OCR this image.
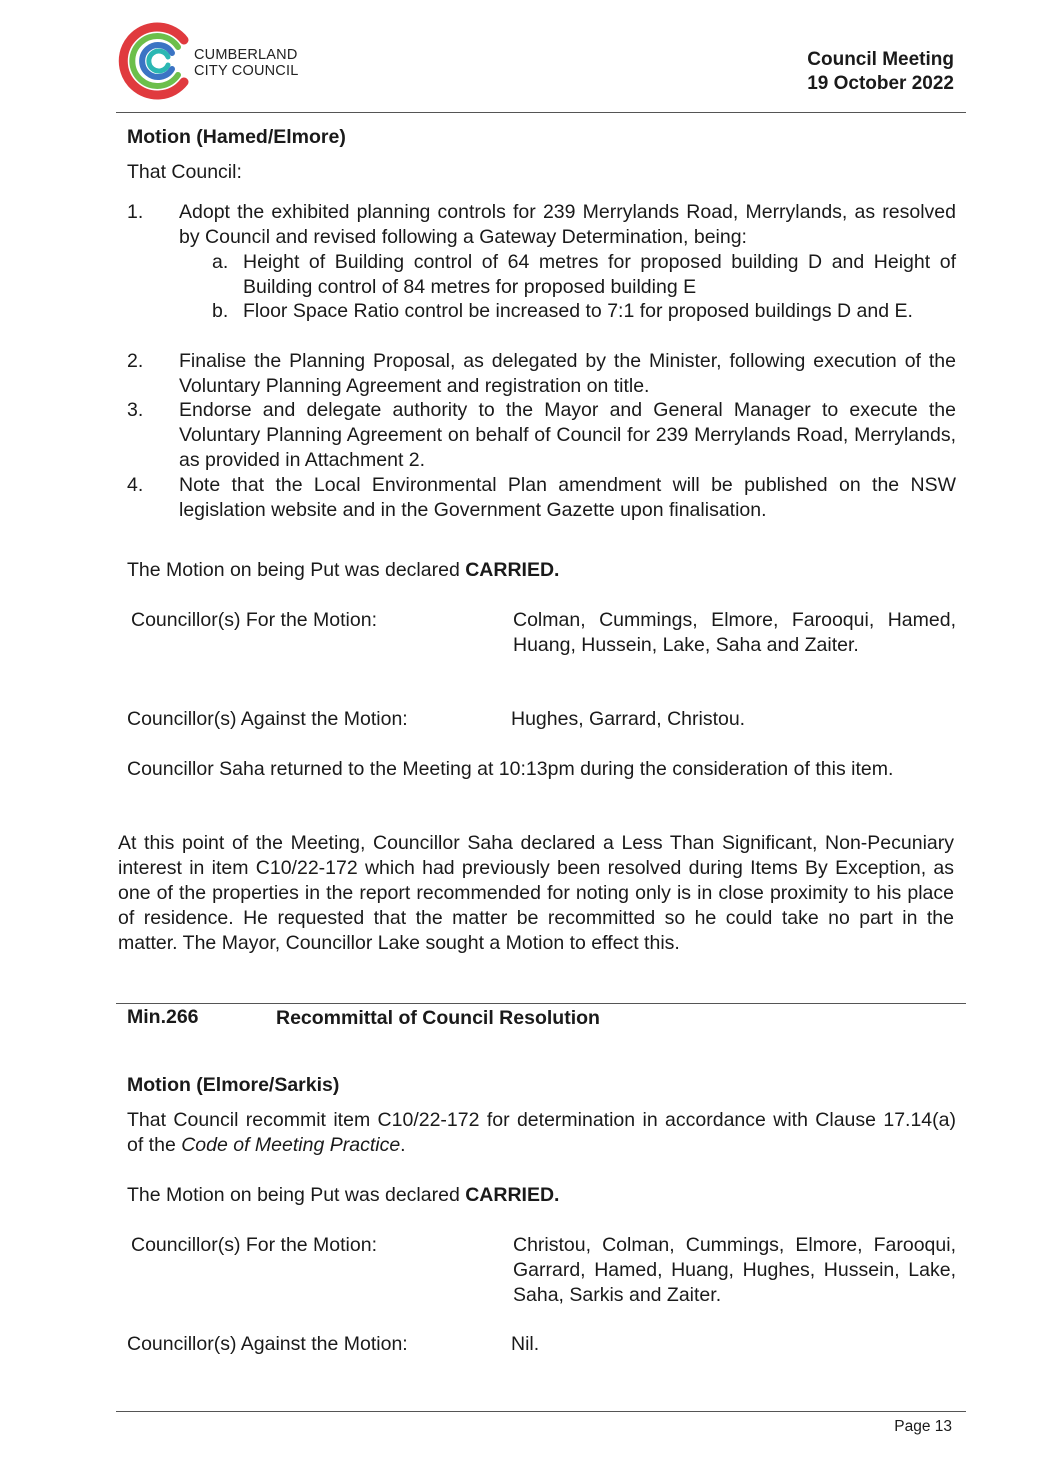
CUMBERLAND
CITY COUNCIL
Council Meeting
19 October 2022
Motion (Hamed/Elmore)
That Council:
1. Adopt the exhibited planning controls for 239 Merrylands Road, Merrylands, as resolved by Council and revised following a Gateway Determination, being:
a. Height of Building control of 64 metres for proposed building D and Height of Building control of 84 metres for proposed building E
b. Floor Space Ratio control be increased to 7:1 for proposed buildings D and E.
2. Finalise the Planning Proposal, as delegated by the Minister, following execution of the Voluntary Planning Agreement and registration on title.
3. Endorse and delegate authority to the Mayor and General Manager to execute the Voluntary Planning Agreement on behalf of Council for 239 Merrylands Road, Merrylands, as provided in Attachment 2.
4. Note that the Local Environmental Plan amendment will be published on the NSW legislation website and in the Government Gazette upon finalisation.
The Motion on being Put was declared CARRIED.
Councillor(s) For the Motion:	Colman, Cummings, Elmore, Farooqui, Hamed, Huang, Hussein, Lake, Saha and Zaiter.
Councillor(s) Against the Motion:	Hughes, Garrard, Christou.
Councillor Saha returned to the Meeting at 10:13pm during the consideration of this item.
At this point of the Meeting, Councillor Saha declared a Less Than Significant, Non-Pecuniary interest in item C10/22-172 which had previously been resolved during Items By Exception, as one of the properties in the report recommended for noting only is in close proximity to his place of residence. He requested that the matter be recommitted so he could take no part in the matter. The Mayor, Councillor Lake sought a Motion to effect this.
Min.266	Recommittal of Council Resolution
Motion (Elmore/Sarkis)
That Council recommit item C10/22-172 for determination in accordance with Clause 17.14(a) of the Code of Meeting Practice.
The Motion on being Put was declared CARRIED.
Councillor(s) For the Motion:	Christou, Colman, Cummings, Elmore, Farooqui, Garrard, Hamed, Huang, Hughes, Hussein, Lake, Saha, Sarkis and Zaiter.
Councillor(s) Against the Motion:	Nil.
Page 13
